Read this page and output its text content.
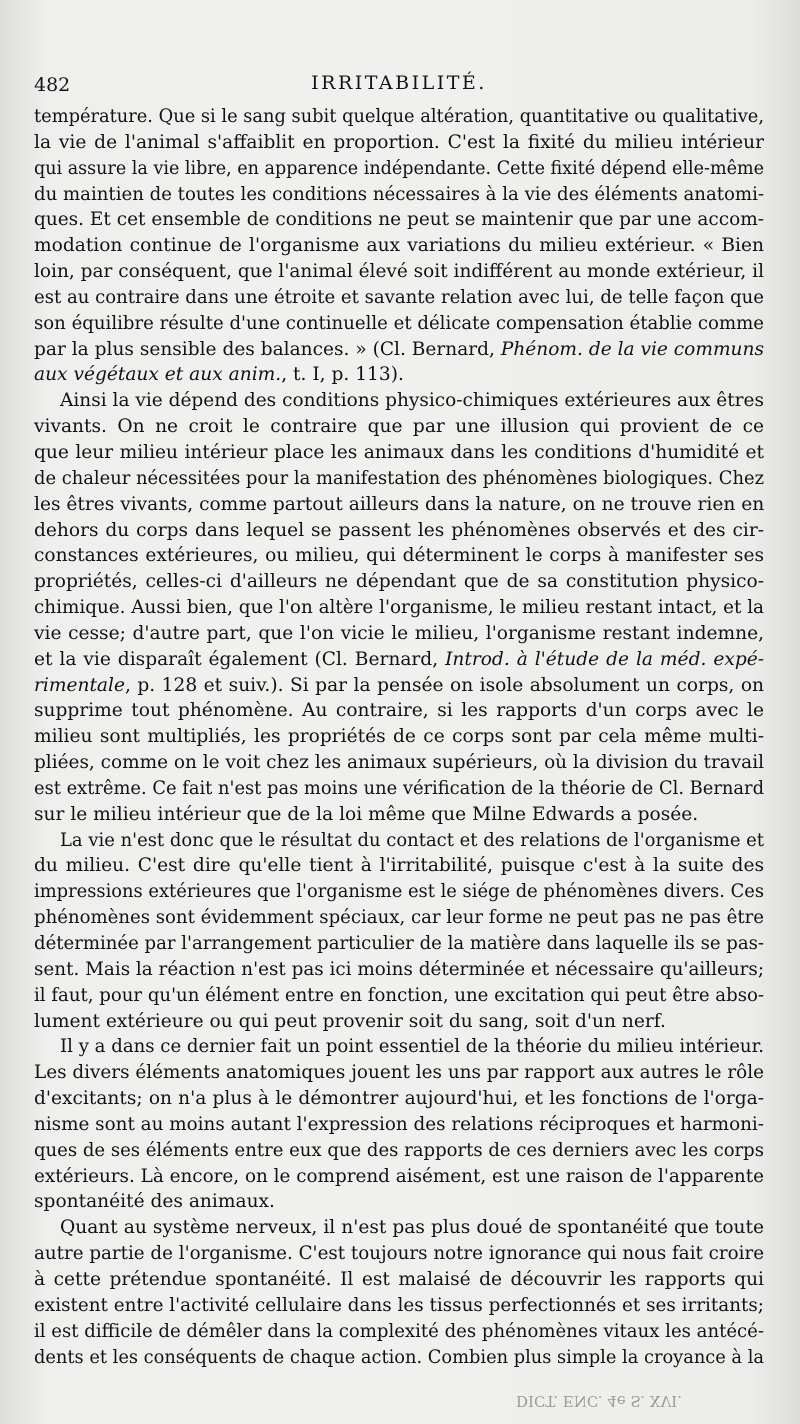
482	IRRITABILITÉ.
température. Que si le sang subit quelque altération, quantitative ou qualitative,
la vie de l'animal s'affaiblit en proportion. C'est la fixité du milieu intérieur
qui assure la vie libre, en apparence indépendante. Cette fixité dépend elle-même
du maintien de toutes les conditions nécessaires à la vie des éléments anatomi-
ques. Et cet ensemble de conditions ne peut se maintenir que par une accom-
modation continue de l'organisme aux variations du milieu extérieur. « Bien
loin, par conséquent, que l'animal élevé soit indifférent au monde extérieur, il
est au contraire dans une étroite et savante relation avec lui, de telle façon que
son équilibre résulte d'une continuelle et délicate compensation établie comme
par la plus sensible des balances. » (Cl. Bernard, Phénom. de la vie communs
aux végétaux et aux anim., t. I, p. 113).
Ainsi la vie dépend des conditions physico-chimiques extérieures aux êtres
vivants. On ne croit le contraire que par une illusion qui provient de ce
que leur milieu intérieur place les animaux dans les conditions d'humidité et
de chaleur nécessitées pour la manifestation des phénomènes biologiques. Chez
les êtres vivants, comme partout ailleurs dans la nature, on ne trouve rien en
dehors du corps dans lequel se passent les phénomènes observés et des cir-
constances extérieures, ou milieu, qui déterminent le corps à manifester ses
propriétés, celles-ci d'ailleurs ne dépendant que de sa constitution physico-
chimique. Aussi bien, que l'on altère l'organisme, le milieu restant intact, et la
vie cesse; d'autre part, que l'on vicie le milieu, l'organisme restant indemne,
et la vie disparaît également (Cl. Bernard, Introd. à l'étude de la méd. expé-
rimentale, p. 128 et suiv.). Si par la pensée on isole absolument un corps, on
supprime tout phénomène. Au contraire, si les rapports d'un corps avec le
milieu sont multipliés, les propriétés de ce corps sont par cela même multi-
pliées, comme on le voit chez les animaux supérieurs, où la division du travail
est extrême. Ce fait n'est pas moins une vérification de la théorie de Cl. Bernard
sur le milieu intérieur que de la loi même que Milne Edwards a posée.
La vie n'est donc que le résultat du contact et des relations de l'organisme et
du milieu. C'est dire qu'elle tient à l'irritabilité, puisque c'est à la suite des
impressions extérieures que l'organisme est le siége de phénomènes divers. Ces
phénomènes sont évidemment spéciaux, car leur forme ne peut pas ne pas être
déterminée par l'arrangement particulier de la matière dans laquelle ils se pas-
sent. Mais la réaction n'est pas ici moins déterminée et nécessaire qu'ailleurs;
il faut, pour qu'un élément entre en fonction, une excitation qui peut être abso-
lument extérieure ou qui peut provenir soit du sang, soit d'un nerf.
Il y a dans ce dernier fait un point essentiel de la théorie du milieu intérieur.
Les divers éléments anatomiques jouent les uns par rapport aux autres le rôle
d'excitants; on n'a plus à le démontrer aujourd'hui, et les fonctions de l'orga-
nisme sont au moins autant l'expression des relations réciproques et harmoni-
ques de ses éléments entre eux que des rapports de ces derniers avec les corps
extérieurs. Là encore, on le comprend aisément, est une raison de l'apparente
spontanéité des animaux.
Quant au système nerveux, il n'est pas plus doué de spontanéité que toute
autre partie de l'organisme. C'est toujours notre ignorance qui nous fait croire
à cette prétendue spontanéité. Il est malaisé de découvrir les rapports qui
existent entre l'activité cellulaire dans les tissus perfectionnés et ses irritants;
il est difficile de démêler dans la complexité des phénomènes vitaux les antécé-
dents et les conséquents de chaque action. Combien plus simple la croyance à la
DICT. ENC. 4e S. XVI.
